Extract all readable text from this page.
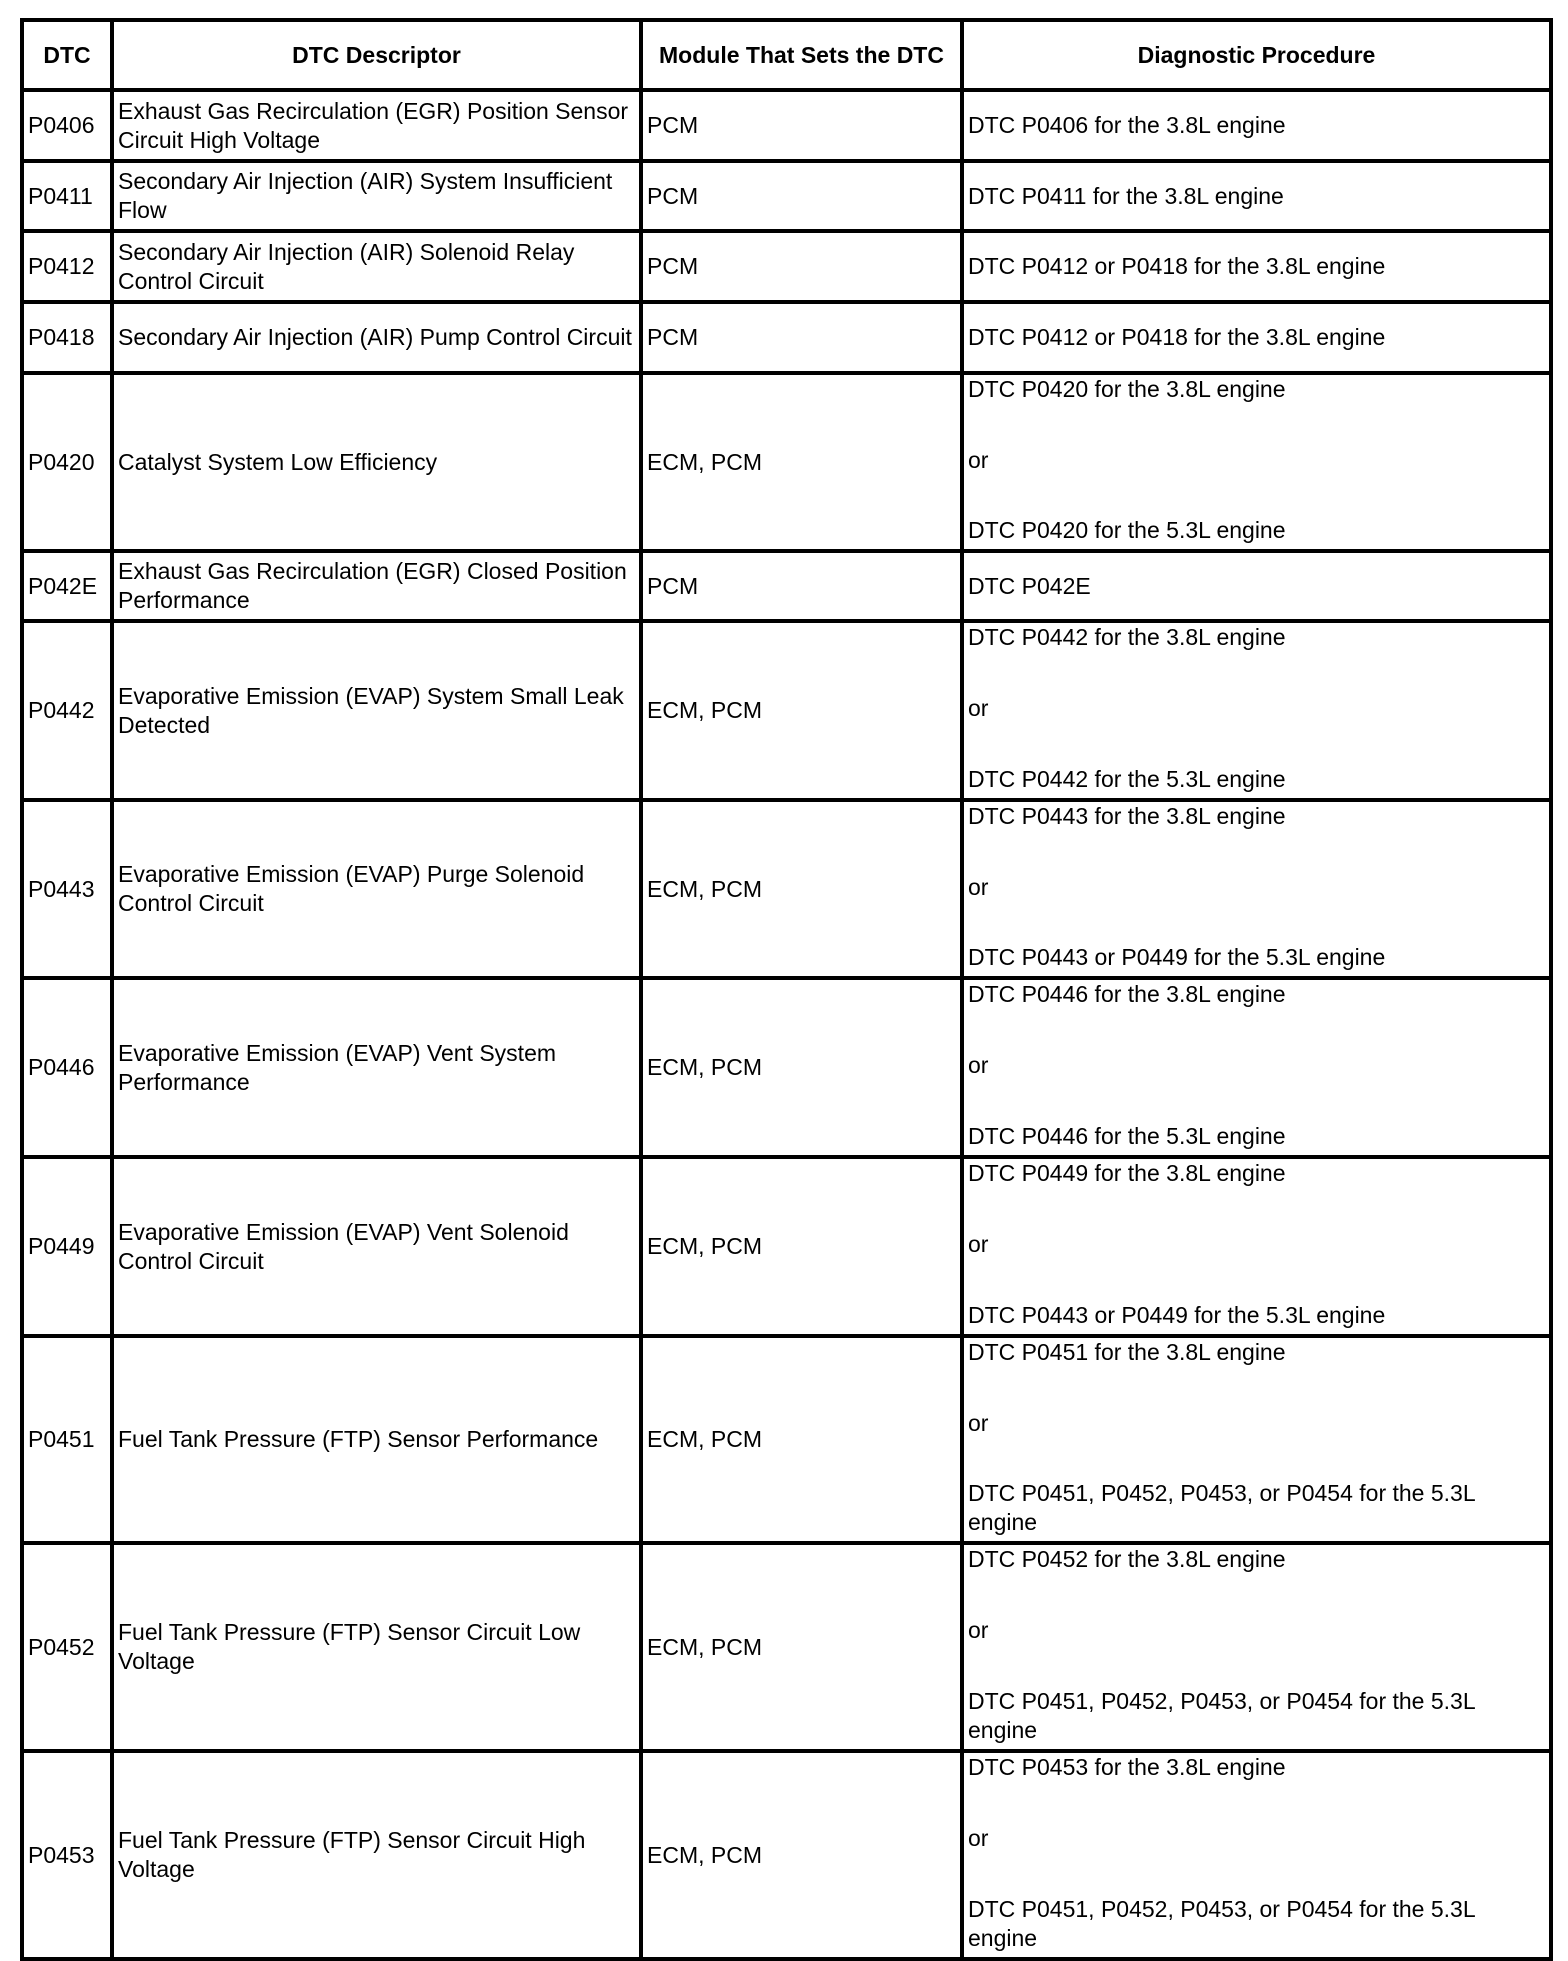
DTC	DTC Descriptor	Module That Sets the DTC	Diagnostic Procedure
P0406	Exhaust Gas Recirculation (EGR) Position Sensor Circuit High Voltage	PCM	DTC P0406 for the 3.8L engine

P0411	Secondary Air Injection (AIR) System Insufficient Flow	PCM	DTC P0411 for the 3.8L engine

P0412	Secondary Air Injection (AIR) Solenoid Relay Control Circuit	PCM	DTC P0412 or P0418 for the 3.8L engine

P0418	Secondary Air Injection (AIR) Pump Control Circuit	PCM	DTC P0412 or P0418 for the 3.8L engine

P0420	Catalyst System Low Efficiency	ECM, PCM	DTC P0420 for the 3.8L engine
or
DTC P0420 for the 5.3L engine

P042E	Exhaust Gas Recirculation (EGR) Closed Position Performance	PCM	DTC P042E

P0442	Evaporative Emission (EVAP) System Small Leak Detected	ECM, PCM	DTC P0442 for the 3.8L engine
or
DTC P0442 for the 5.3L engine

P0443	Evaporative Emission (EVAP) Purge Solenoid Control Circuit	ECM, PCM	DTC P0443 for the 3.8L engine
or
DTC P0443 or P0449 for the 5.3L engine

P0446	Evaporative Emission (EVAP) Vent System Performance	ECM, PCM	DTC P0446 for the 3.8L engine
or
DTC P0446 for the 5.3L engine

P0449	Evaporative Emission (EVAP) Vent Solenoid Control Circuit	ECM, PCM	DTC P0449 for the 3.8L engine
or
DTC P0443 or P0449 for the 5.3L engine

P0451	Fuel Tank Pressure (FTP) Sensor Performance	ECM, PCM	DTC P0451 for the 3.8L engine
or
DTC P0451, P0452, P0453, or P0454 for the 5.3L engine

P0452	Fuel Tank Pressure (FTP) Sensor Circuit Low Voltage	ECM, PCM	DTC P0452 for the 3.8L engine
or
DTC P0451, P0452, P0453, or P0454 for the 5.3L engine

P0453	Fuel Tank Pressure (FTP) Sensor Circuit High Voltage	ECM, PCM	DTC P0453 for the 3.8L engine
or
DTC P0451, P0452, P0453, or P0454 for the 5.3L engine
